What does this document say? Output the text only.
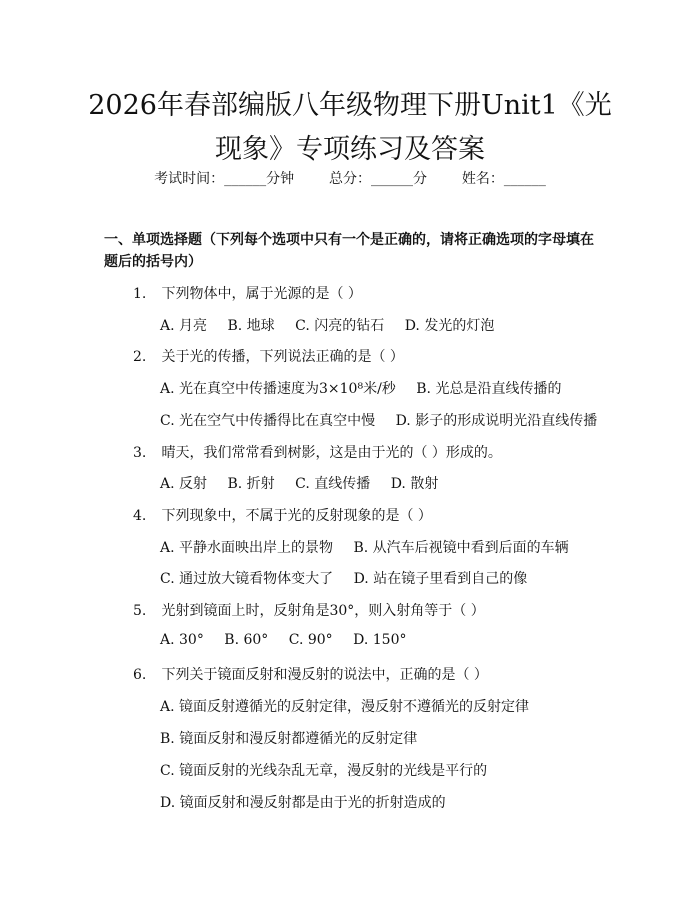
2026年春部编版八年级物理下册Unit1《光
现象》专项练习及答案
考试时间：______分钟 总分：______分 姓名：______
一、单项选择题（下列每个选项中只有一个是正确的，请将正确选项的字母填在
题后的括号内）
1. 下列物体中，属于光源的是（ ）
A. 月亮 B. 地球 C. 闪亮的钻石 D. 发光的灯泡
2. 关于光的传播，下列说法正确的是（ ）
A. 光在真空中传播速度为3×10⁸米/秒 B. 光总是沿直线传播的
C. 光在空气中传播得比在真空中慢 D. 影子的形成说明光沿直线传播
3. 晴天，我们常常看到树影，这是由于光的（ ）形成的。
A. 反射 B. 折射 C. 直线传播 D. 散射
4. 下列现象中，不属于光的反射现象的是（ ）
A. 平静水面映出岸上的景物 B. 从汽车后视镜中看到后面的车辆
C. 通过放大镜看物体变大了 D. 站在镜子里看到自己的像
5. 光射到镜面上时，反射角是30°，则入射角等于（ ）
A. 30° B. 60° C. 90° D. 150°
6. 下列关于镜面反射和漫反射的说法中，正确的是（ ）
A. 镜面反射遵循光的反射定律，漫反射不遵循光的反射定律
B. 镜面反射和漫反射都遵循光的反射定律
C. 镜面反射的光线杂乱无章，漫反射的光线是平行的
D. 镜面反射和漫反射都是由于光的折射造成的
